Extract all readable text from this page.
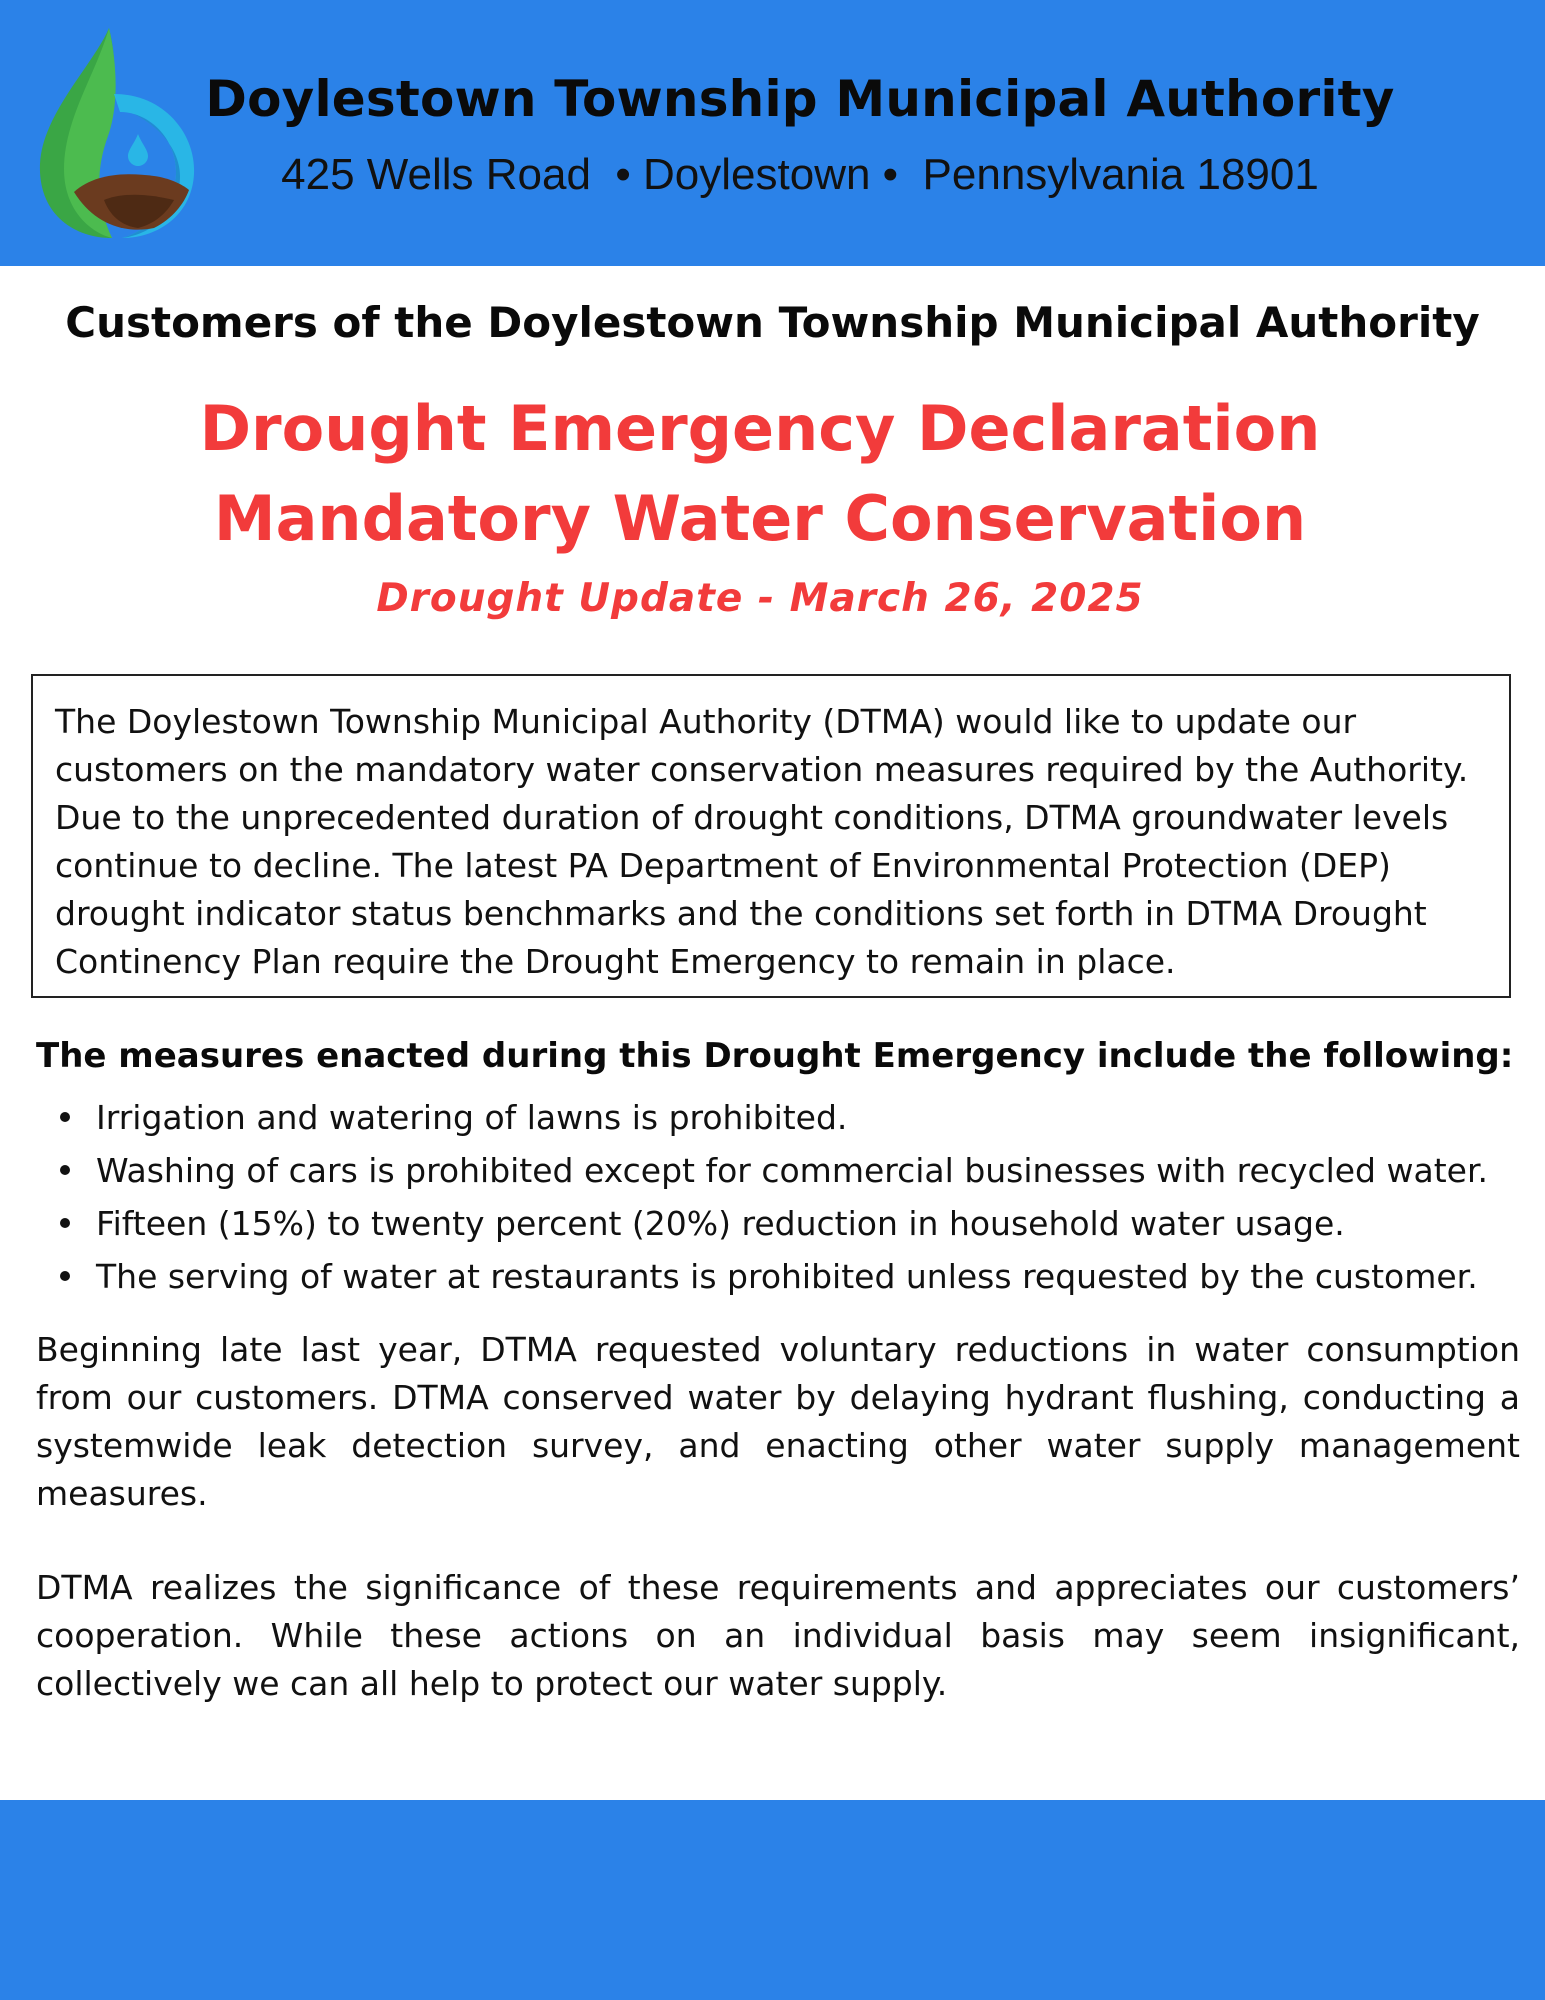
Doylestown Township Municipal Authority
425 Wells Road  • Doylestown •  Pennsylvania 18901
Customers of the Doylestown Township Municipal Authority
Drought Emergency Declaration
Mandatory Water Conservation
Drought Update - March 26, 2025
The Doylestown Township Municipal Authority (DTMA) would like to update our
customers on the mandatory water conservation measures required by the Authority.
Due to the unprecedented duration of drought conditions, DTMA groundwater levels
continue to decline. The latest PA Department of Environmental Protection (DEP)
drought indicator status benchmarks and the conditions set forth in DTMA Drought
Continency Plan require the Drought Emergency to remain in place.
The measures enacted during this Drought Emergency include the following:
Irrigation and watering of lawns is prohibited.
Washing of cars is prohibited except for commercial businesses with recycled water.
Fifteen (15%) to twenty percent (20%) reduction in household water usage.
The serving of water at restaurants is prohibited unless requested by the customer.
Beginning late last year, DTMA requested voluntary reductions in water consumption
from our customers. DTMA conserved water by delaying hydrant flushing, conducting a
systemwide leak detection survey, and enacting other water supply management
measures.
DTMA realizes the significance of these requirements and appreciates our customers’
cooperation. While these actions on an individual basis may seem insignificant,
collectively we can all help to protect our water supply.
